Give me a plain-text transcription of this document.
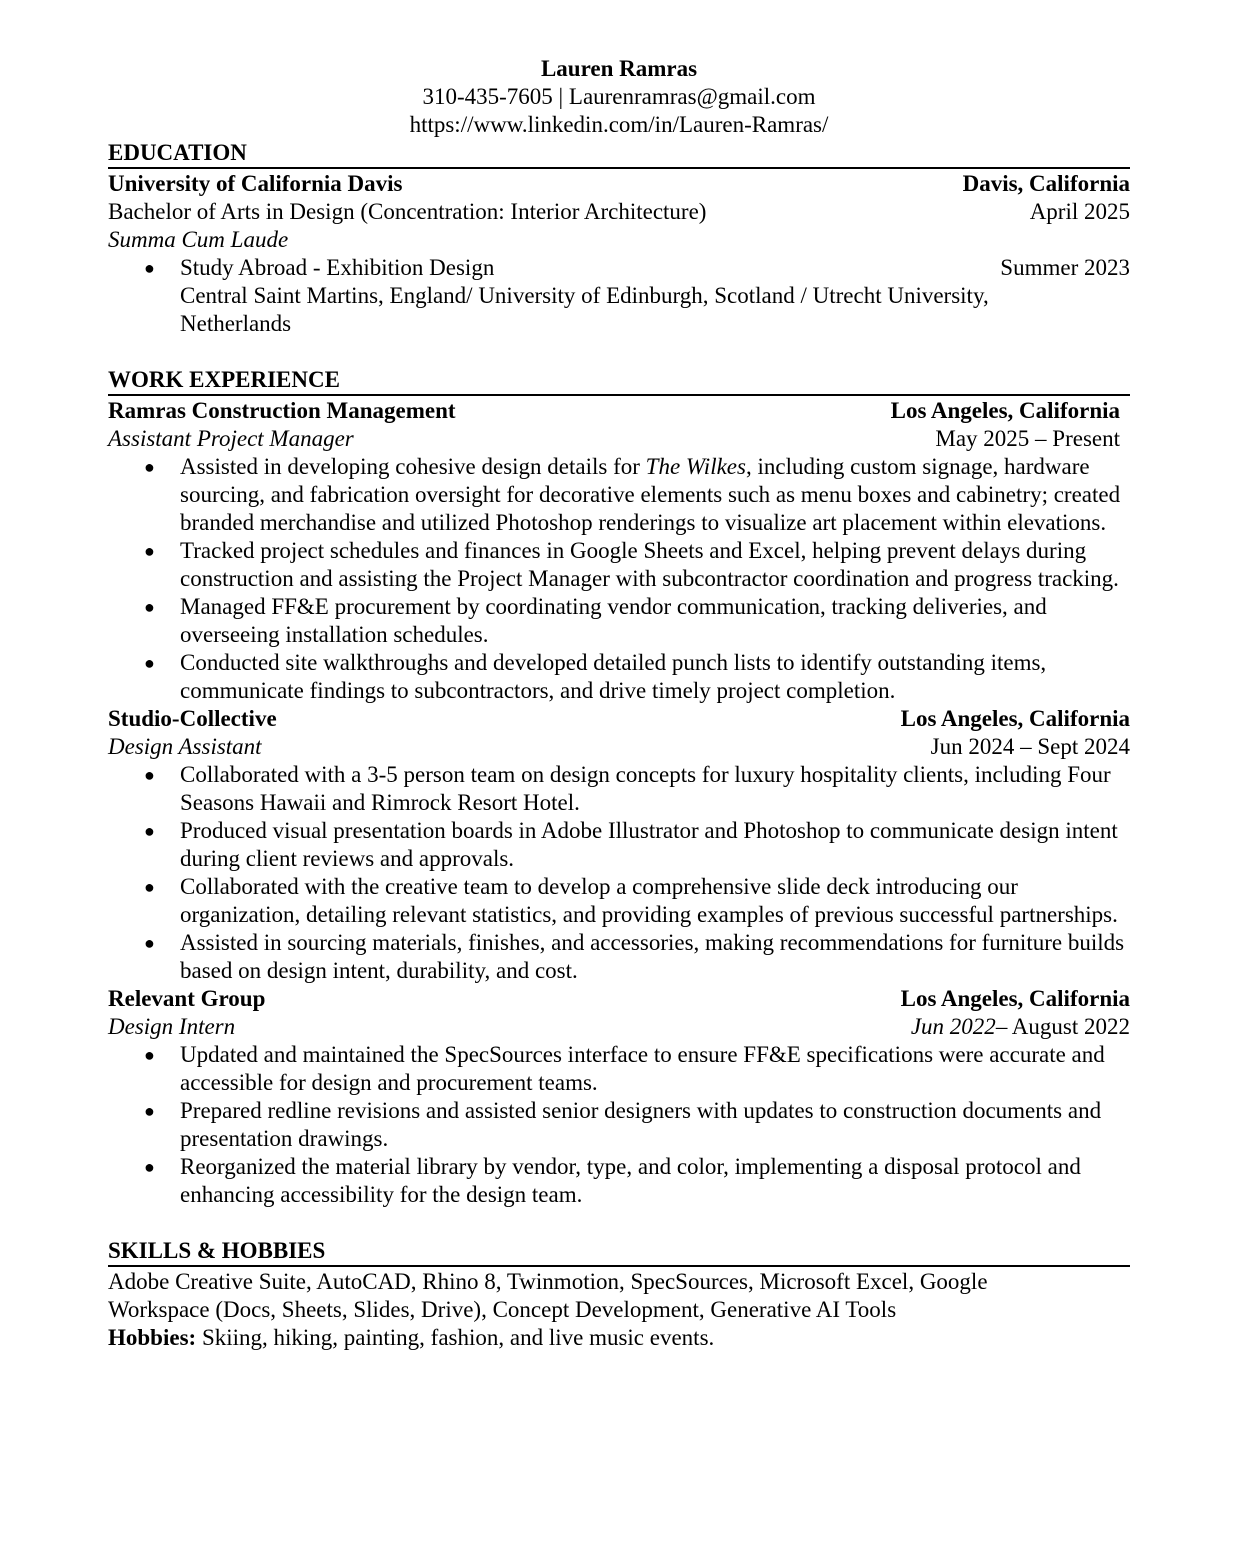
Lauren Ramras
310-435-7605 | Laurenramras@gmail.com
https://www.linkedin.com/in/Lauren-Ramras/
EDUCATION
University of California Davis	Davis, California
Bachelor of Arts in Design (Concentration: Interior Architecture)	April 2025
Summa Cum Laude
● Study Abroad - Exhibition Design	Summer 2023
Central Saint Martins, England/ University of Edinburgh, Scotland / Utrecht University,
Netherlands
WORK EXPERIENCE
Ramras Construction Management	Los Angeles, California
Assistant Project Manager	May 2025 – Present
● Assisted in developing cohesive design details for The Wilkes, including custom signage, hardware sourcing, and fabrication oversight for decorative elements such as menu boxes and cabinetry; created branded merchandise and utilized Photoshop renderings to visualize art placement within elevations.
● Tracked project schedules and finances in Google Sheets and Excel, helping prevent delays during construction and assisting the Project Manager with subcontractor coordination and progress tracking.
● Managed FF&E procurement by coordinating vendor communication, tracking deliveries, and overseeing installation schedules.
● Conducted site walkthroughs and developed detailed punch lists to identify outstanding items, communicate findings to subcontractors, and drive timely project completion.
Studio-Collective	Los Angeles, California
Design Assistant	Jun 2024 – Sept 2024
● Collaborated with a 3-5 person team on design concepts for luxury hospitality clients, including Four Seasons Hawaii and Rimrock Resort Hotel.
● Produced visual presentation boards in Adobe Illustrator and Photoshop to communicate design intent during client reviews and approvals.
● Collaborated with the creative team to develop a comprehensive slide deck introducing our organization, detailing relevant statistics, and providing examples of previous successful partnerships.
● Assisted in sourcing materials, finishes, and accessories, making recommendations for furniture builds based on design intent, durability, and cost.
Relevant Group	Los Angeles, California
Design Intern	Jun 2022– August 2022
● Updated and maintained the SpecSources interface to ensure FF&E specifications were accurate and accessible for design and procurement teams.
● Prepared redline revisions and assisted senior designers with updates to construction documents and presentation drawings.
● Reorganized the material library by vendor, type, and color, implementing a disposal protocol and enhancing accessibility for the design team.
SKILLS & HOBBIES
Adobe Creative Suite, AutoCAD, Rhino 8, Twinmotion, SpecSources, Microsoft Excel, Google Workspace (Docs, Sheets, Slides, Drive), Concept Development, Generative AI Tools
Hobbies: Skiing, hiking, painting, fashion, and live music events.
